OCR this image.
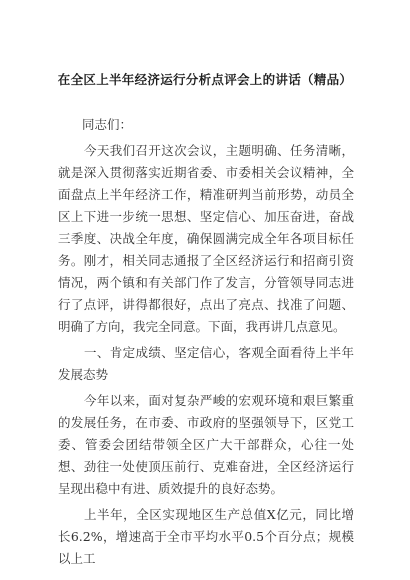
在全区上半年经济运行分析点评会上的讲话（精品）

同志们：

今天我们召开这次会议，主题明确、任务清晰，就是深入贯彻落实近期省委、市委相关会议精神，全面盘点上半年经济工作，精准研判当前形势，动员全区上下进一步统一思想、坚定信心、加压奋进，奋战三季度、决战全年度，确保圆满完成全年各项目标任务。刚才，相关同志通报了全区经济运行和招商引资情况，两个镇和有关部门作了发言，分管领导同志进行了点评，讲得都很好，点出了亮点、找准了问题、明确了方向，我完全同意。下面，我再讲几点意见。

一、肯定成绩、坚定信心，客观全面看待上半年发展态势

今年以来，面对复杂严峻的宏观环境和艰巨繁重的发展任务，在市委、市政府的坚强领导下，区党工委、管委会团结带领全区广大干部群众，心往一处想、劲往一处使顶压前行、克难奋进，全区经济运行呈现出稳中有进、质效提升的良好态势。

上半年，全区实现地区生产总值X亿元，同比增长6.2%，增速高于全市平均水平0.5个百分点；规模以上工
